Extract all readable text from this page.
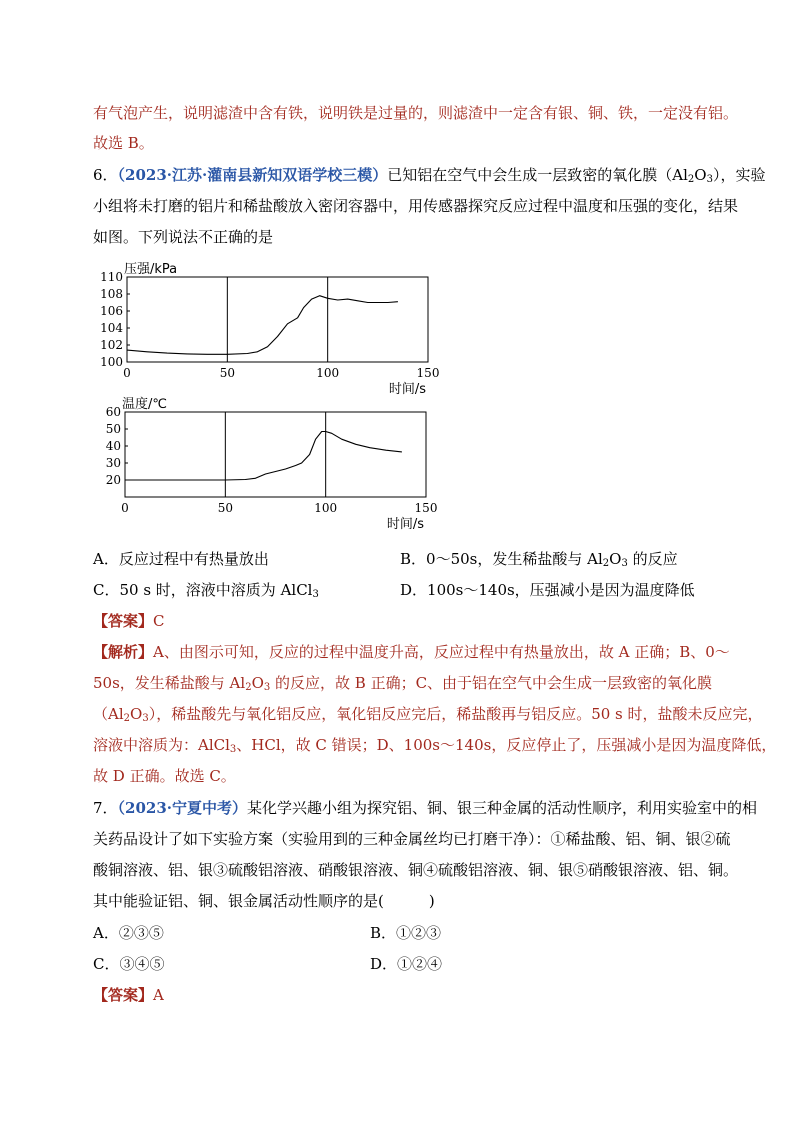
有气泡产生，说明滤渣中含有铁，说明铁是过量的，则滤渣中一定含有银、铜、铁，一定没有铝。
故选 B。
6．（2023·江苏·灌南县新知双语学校三模）已知铝在空气中会生成一层致密的氧化膜$(Al_2O_3)$，实验
小组将未打磨的铝片和稀盐酸放入密闭容器中，用传感器探究反应过程中温度和压强的变化，结果
如图。下列说法不正确的是
100
102
104
106
108
110
0	50	100	150
压强/kPa
时间/s
20
30
40
50
60
0	50	100	150
温度/℃
时间/s
A．反应过程中有热量放出	B．0～50s，发生稀盐酸与 $Al_2O_3$ 的反应
C．50 s 时，溶液中溶质为 AlCl$_3$	D．100s～140s，压强减小是因为温度降低
【答案】C
【解析】A、由图示可知，反应的过程中温度升高，反应过程中有热量放出，故 A 正确；B、0～
50s，发生稀盐酸与 $Al_2O_3$ 的反应，故 B 正确；C、由于铝在空气中会生成一层致密的氧化膜
$(Al_2O_3)$，稀盐酸先与氧化铝反应，氧化铝反应完后，稀盐酸再与铝反应。50 s 时，盐酸未反应完，
溶液中溶质为：AlCl$_3$、HCl，故 C 错误；D、100s～140s，反应停止了，压强减小是因为温度降低，
故 D 正确。故选 C。
7．（2023·宁夏中考）某化学兴趣小组为探究铝、铜、银三种金属的活动性顺序，利用实验室中的相
关药品设计了如下实验方案（实验用到的三种金属丝均已打磨干净）：①稀盐酸、铝、铜、银②硫
酸铜溶液、铝、银③硫酸铝溶液、硝酸银溶液、铜④硫酸铝溶液、铜、银⑤硝酸银溶液、铝、铜。
其中能验证铝、铜、银金属活动性顺序的是(　　　)
A．②③⑤	B．①②③
C．③④⑤	D．①②④
【答案】A
